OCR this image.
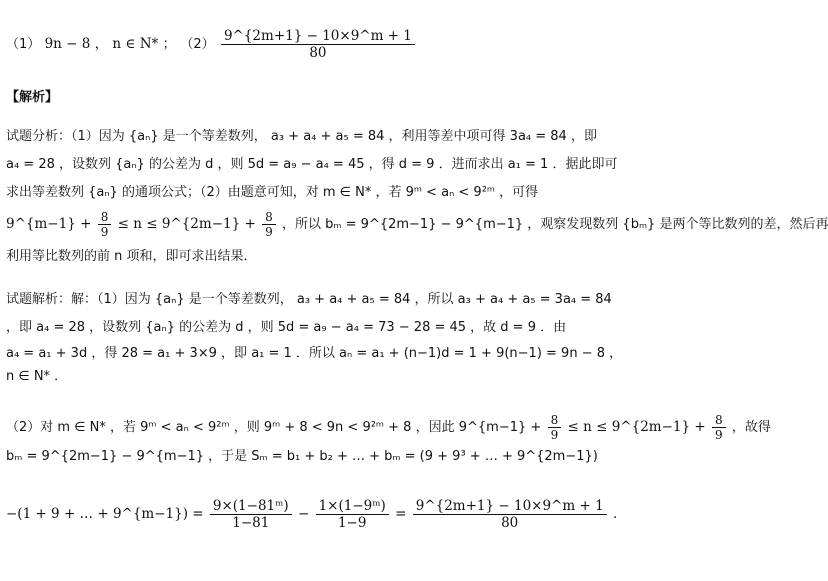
（1） 9n − 8 ， n ∈ N* ； $(2) \frac{9\^{}\{2m+1\} - 10\times 9\^{}m + 1}{80}$
【解析】
试题分析：（1）因为 {aₙ} 是一个等差数列， a₃ + a₄ + a₅ = 84 ，利用等差中项可得 3a₄ = 84 ，即
a₄ = 28 ，设数列 {aₙ} 的公差为 d ，则 5d = a₉ − a₄ = 45 ，得 d = 9 ．进而求出 a₁ = 1 ．据此即可
求出等差数列 {aₙ} 的通项公式；（2）由题意可知，对 m ∈ N* ，若 9ᵐ < aₙ < 9²ᵐ ，可得
9^{m−1} + $\frac{8}{9} \le n$ ≤ 9^{2m−1} + $\frac{8}{9}$ ，所以 bₘ = 9^{2m−1} − 9^{m−1} ，观察发现数列 {bₘ} 是两个等比数列的差，然后再
利用等比数列的前 n 项和，即可求出结果．
试题解析：解：（1）因为 {aₙ} 是一个等差数列， a₃ + a₄ + a₅ = 84 ，所以 a₃ + a₄ + a₅ = 3a₄ = 84
，即 a₄ = 28 ，设数列 {aₙ} 的公差为 d ，则 5d = a₉ − a₄ = 73 − 28 = 45 ，故 d = 9 ．由
a₄ = a₁ + 3d ，得 28 = a₁ + 3×9 ，即 a₁ = 1 ．所以 aₙ = a₁ + (n−1)d = 1 + 9(n−1) = 9n − 8 ，
n ∈ N* ．
（2）对 m ∈ N* ，若 9ᵐ < aₙ < 9²ᵐ ，则 9ᵐ + 8 < 9n < 9²ᵐ + 8 ，因此 9^{m−1} + $\frac{8}{9} \le n$ ≤ 9^{2m−1} + $\frac{8}{9}$ ，故得
bₘ = 9^{2m−1} − 9^{m−1} ，于是 Sₘ = b₁ + b₂ + … + bₘ = (9 + 9³ + … + 9^{2m−1})
−(1 + 9 + … + 9^{m−1}) = $\frac{\text{9×(1−81ᵐ)}}{1-81} - \frac{\text{1×(1−9ᵐ)}}{1-9} = \frac{9\^{}\{2m+1\} - 10\times 9\^{}m + 1}{80}$ ．
